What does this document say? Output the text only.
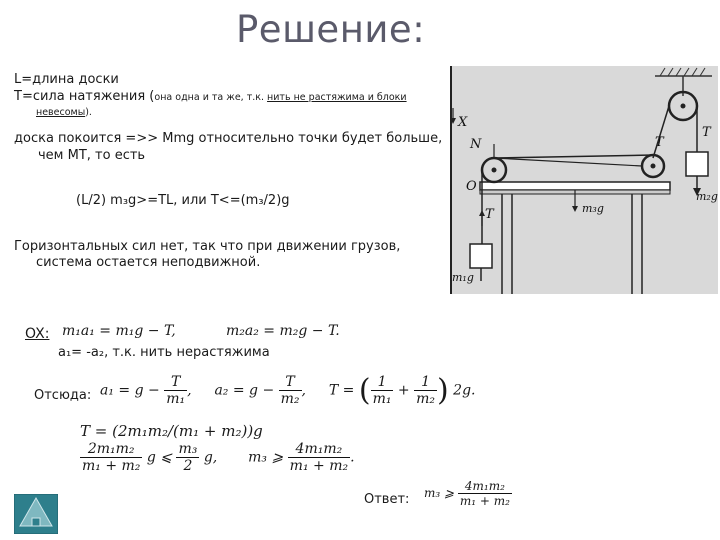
Решение:
L=длина доски
T=сила натяжения (она одна и та же, т.к. нить не растяжима и блоки
невесомы).
доска покоится =>> Mmg относительно точки будет больше,
чем MT, то есть
(L/2) m₃g>=TL, или T<=(m₃/2)g
Горизонтальных сил нет, так что при движении грузов,
система остается неподвижной.
OX: m₁a₁ = m₁g − T,	m₂a₂ = m₂g − T.
a₁= -a₂, т.к. нить нерастяжима
Отсюда: $a_1 = g - \frac{T}{\text{m₁}}$ , $a_2 = g - \frac{T}{\text{m₂}}$ , T = ( $\frac{1}{\text{m₁}} + \frac{1}{\text{m₂}}$ ) 2g.
T = (2m₁m₂/(m₁ + m₂))g
$\frac{\text{2m₁m₂}}{\text{m₁ + m₂}}$ g ⩽ $\frac{\text{m₃}}{2} g$, m₃ ⩾ $\frac{\text{4m₁m₂}}{\text{m₁ + m₂}}$ .
Ответ: m₃ ⩾ $\frac{\text{4m₁m₂}}{\text{m₁ + m₂}}$
X
N	T
T
O
T	m₃g
m₁g
m₂g
